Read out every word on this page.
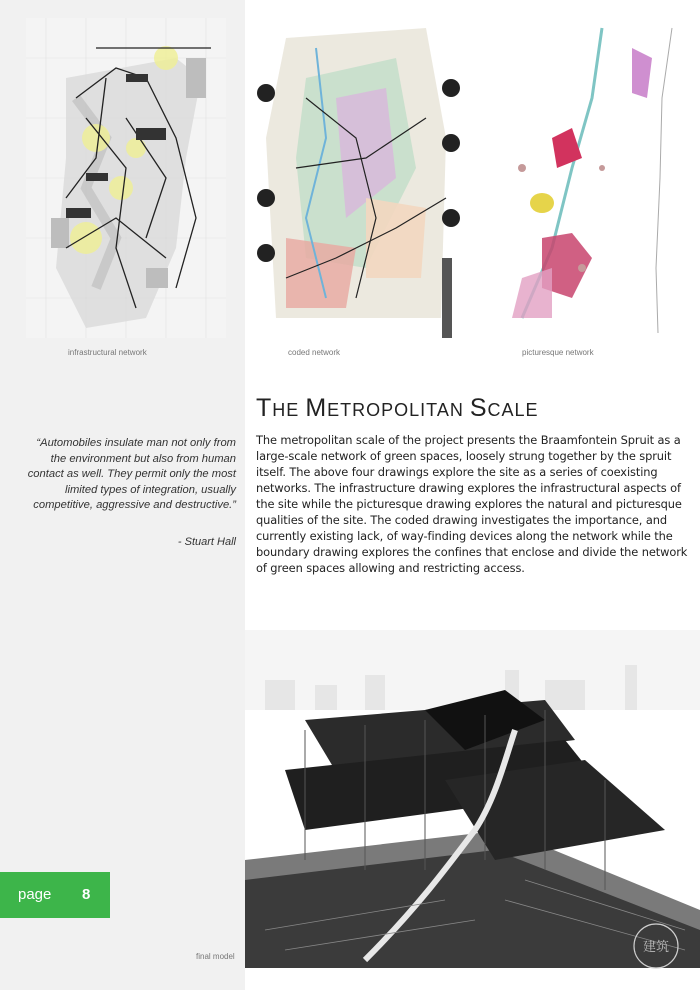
infrastructural network	coded network	picturesque network
THE METROPOLITAN SCALE

The metropolitan scale of the project presents the Braamfontein Spruit as a large-scale network of green spaces, loosely strung together by the spruit itself. The above four drawings explore the site as a series of coexisting networks. The infrastructure drawing explores the infrastructural aspects of the site while the picturesque drawing explores the natural and picturesque qualities of the site. The coded drawing investigates the importance, and currently existing lack, of way-finding devices along the network while the boundary drawing explores the confines that enclose and divide the network of green spaces allowing and restricting access.

“Automobiles insulate man not only from the environment but also from human contact as well. They permit only the most limited types of integration, usually competitive, aggressive and destructive.”

- Stuart Hall
page 8
final model
建筑
